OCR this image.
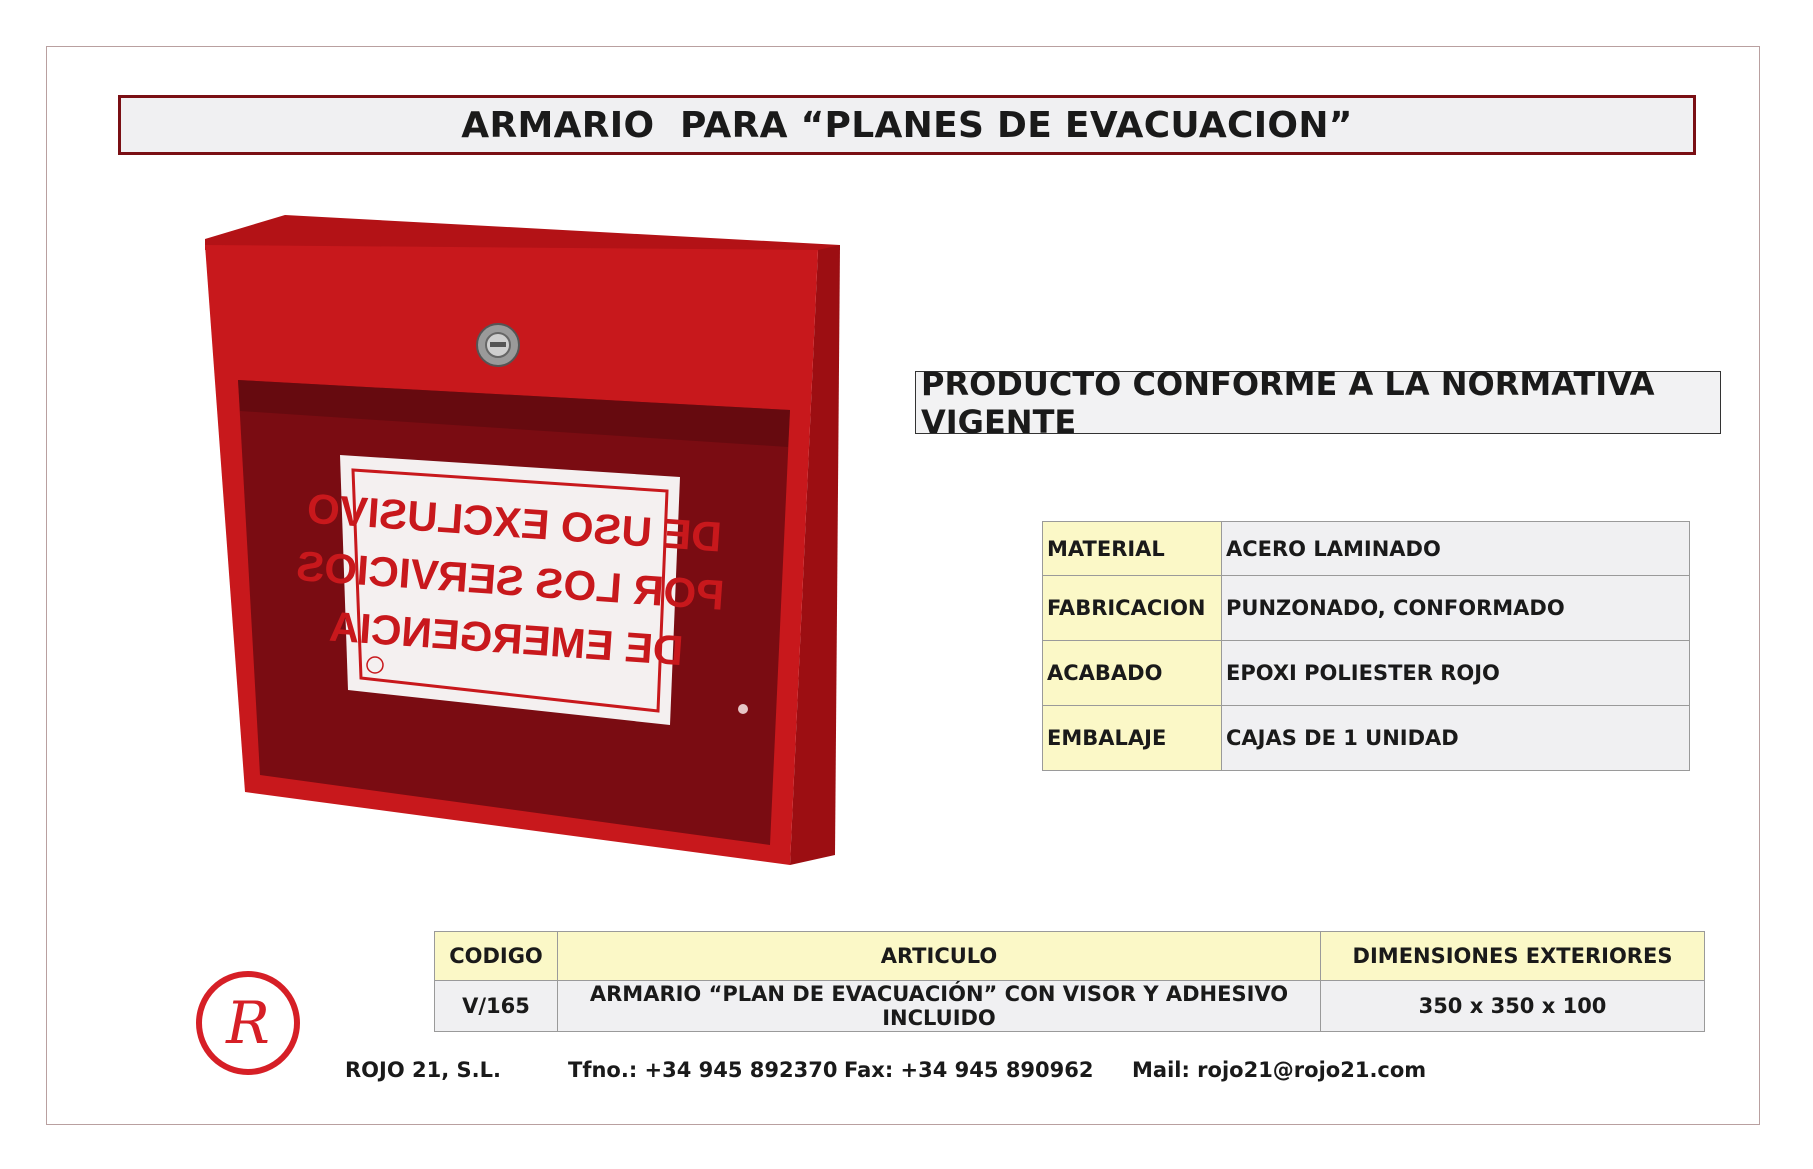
ARMARIO  PARA “PLANES DE EVACUACION”
DE USO EXCLUSIVO
POR LOS SERVICIOS
DE EMERGENCIA
PRODUCTO CONFORME A LA NORMATIVA VIGENTE
MATERIAL	ACERO LAMINADO
FABRICACION	PUNZONADO, CONFORMADO
ACABADO	EPOXI POLIESTER ROJO
EMBALAJE	CAJAS DE 1 UNIDAD
CODIGO	ARTICULO	DIMENSIONES EXTERIORES
V/165	ARMARIO “PLAN DE EVACUACIÓN” CON VISOR Y ADHESIVO INCLUIDO	350 x 350 x 100
R
ROJO 21, S.L.	Tfno.: +34 945 892370 Fax: +34 945 890962 Mail: rojo21@rojo21.com
